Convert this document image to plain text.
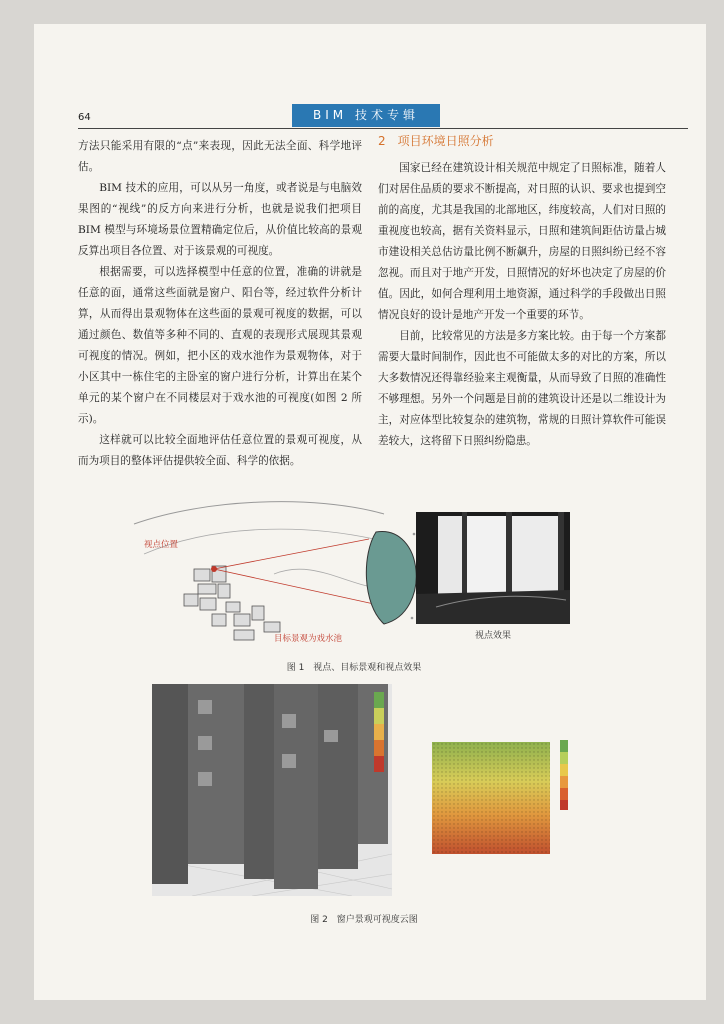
64	BIM 技术专辑

方法只能采用有限的“点”来表现，因此无法全面、科学地评估。

BIM 技术的应用，可以从另一角度，或者说是与电脑效果图的“视线”的反方向来进行分析，也就是说我们把项目 BIM 模型与环境场景位置精确定位后，从价值比较高的景观反算出项目各位置、对于该景观的可视度。

根据需要，可以选择模型中任意的位置，准确的讲就是任意的面，通常这些面就是窗户、阳台等，经过软件分析计算，从而得出景观物体在这些面的景观可视度的数据，可以通过颜色、数值等多种不同的、直观的表现形式展现其景观可视度的情况。例如，把小区的戏水池作为景观物体，对于小区其中一栋住宅的主卧室的窗户进行分析，计算出在某个单元的某个窗户在不同楼层对于戏水池的可视度(如图 2 所示)。

这样就可以比较全面地评估任意位置的景观可视度，从而为项目的整体评估提供较全面、科学的依据。

2　项目环境日照分析

国家已经在建筑设计相关规范中规定了日照标准，随着人们对居住品质的要求不断提高，对日照的认识、要求也提到空前的高度，尤其是我国的北部地区，纬度较高，人们对日照的重视度也较高，据有关资料显示，日照和建筑间距估访量占城市建设相关总估访量比例不断飙升，房屋的日照纠纷已经不容忽视。而且对于地产开发，日照情况的好坏也决定了房屋的价值。因此，如何合理利用土地资源，通过科学的手段做出日照情况良好的设计是地产开发一个重要的环节。

目前，比较常见的方法是多方案比较。由于每一个方案都需要大量时间制作，因此也不可能做太多的对比的方案，所以大多数情况还得靠经验来主观衡量，从而导致了日照的准确性不够理想。另外一个问题是目前的建筑设计还是以二维设计为主，对应体型比较复杂的建筑物，常规的日照计算软件可能误差较大，这将留下日照纠纷隐患。

视点位置
目标景观为戏水池	视点效果
图 1　视点、目标景观和视点效果
图 2　窗户景观可视度云图
